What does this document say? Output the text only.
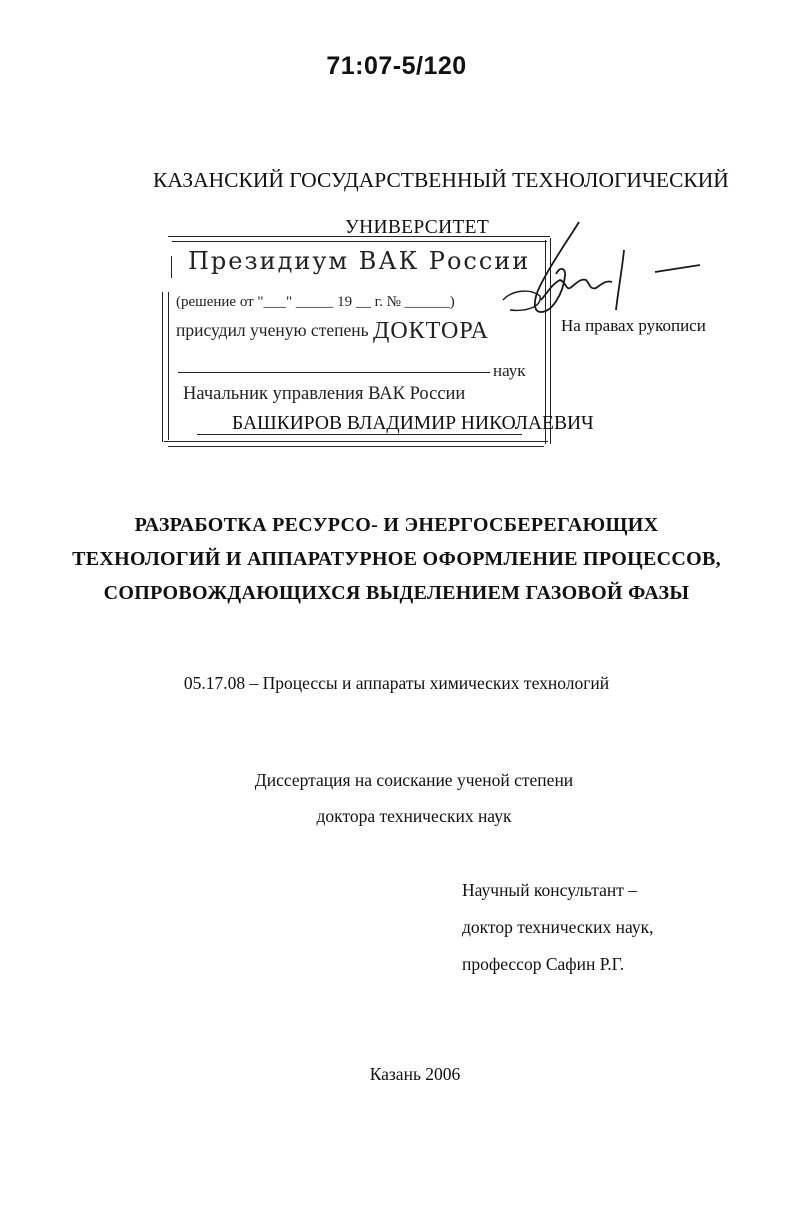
71:07-5/120
КАЗАНСКИЙ ГОСУДАРСТВЕННЫЙ ТЕХНОЛОГИЧЕСКИЙ
УНИВЕРСИТЕТ
Президиум ВАК России
(решение от "___" _____ 19 __ г. № ______)
присудил ученую степень ДОКТОРА
наук
Начальник управления ВАК России
БАШКИРОВ ВЛАДИМИР НИКОЛАЕВИЧ
На правах рукописи
РАЗРАБОТКА РЕСУРСО- И ЭНЕРГОСБЕРЕГАЮЩИХ
ТЕХНОЛОГИЙ И АППАРАТУРНОЕ ОФОРМЛЕНИЕ ПРОЦЕССОВ,
СОПРОВОЖДАЮЩИХСЯ ВЫДЕЛЕНИЕМ ГАЗОВОЙ ФАЗЫ
05.17.08 – Процессы и аппараты химических технологий
Диссертация на соискание ученой степени
доктора технических наук
Научный консультант –
доктор технических наук,
профессор Сафин Р.Г.
Казань 2006
